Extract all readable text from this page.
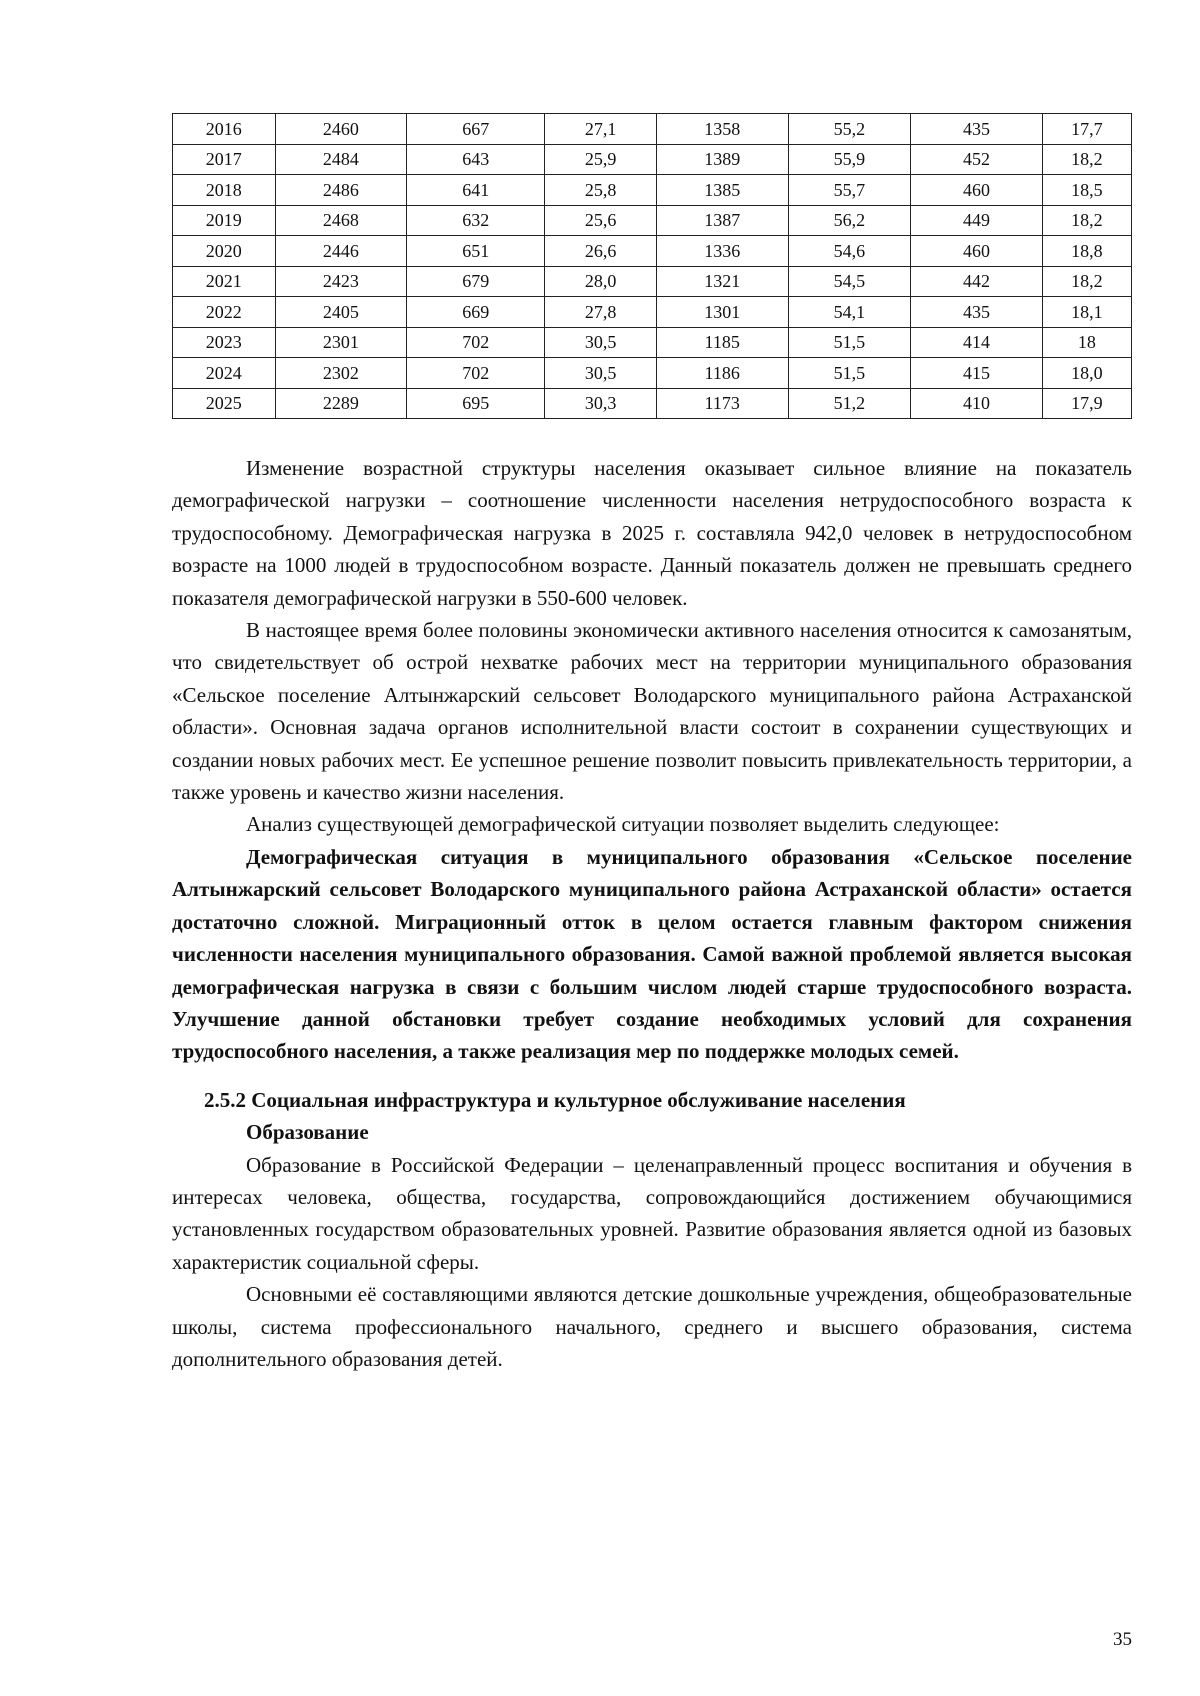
2016	2460	667	27,1	1358	55,2	435	17,7
2017	2484	643	25,9	1389	55,9	452	18,2
2018	2486	641	25,8	1385	55,7	460	18,5
2019	2468	632	25,6	1387	56,2	449	18,2
2020	2446	651	26,6	1336	54,6	460	18,8
2021	2423	679	28,0	1321	54,5	442	18,2
2022	2405	669	27,8	1301	54,1	435	18,1
2023	2301	702	30,5	1185	51,5	414	18
2024	2302	702	30,5	1186	51,5	415	18,0
2025	2289	695	30,3	1173	51,2	410	17,9

Изменение возрастной структуры населения оказывает сильное влияние на показатель демографической нагрузки – соотношение численности населения нетрудоспособного возраста к трудоспособному. Демографическая нагрузка в 2025 г. составляла 942,0 человек в нетрудоспособном возрасте на 1000 людей в трудоспособном возрасте. Данный показатель должен не превышать среднего показателя демографической нагрузки в 550-600 человек.

В настоящее время более половины экономически активного населения относится к самозанятым, что свидетельствует об острой нехватке рабочих мест на территории муниципального образования «Сельское поселение Алтынжарский сельсовет Володарского муниципального района Астраханской области». Основная задача органов исполнительной власти состоит в сохранении существующих и создании новых рабочих мест. Ее успешное решение позволит повысить привлекательность территории, а также уровень и качество жизни населения.

Анализ существующей демографической ситуации позволяет выделить следующее:

Демографическая ситуация в муниципального образования «Сельское поселение Алтынжарский сельсовет Володарского муниципального района Астраханской области» остается достаточно сложной. Миграционный отток в целом остается главным фактором снижения численности населения муниципального образования. Самой важной проблемой является высокая демографическая нагрузка в связи с большим числом людей старше трудоспособного возраста. Улучшение данной обстановки требует создание необходимых условий для сохранения трудоспособного населения, а также реализация мер по поддержке молодых семей.

2.5.2 Социальная инфраструктура и культурное обслуживание населения
Образование

Образование в Российской Федерации – целенаправленный процесс воспитания и обучения в интересах человека, общества, государства, сопровождающийся достижением обучающимися установленных государством образовательных уровней. Развитие образования является одной из базовых характеристик социальной сферы.

Основными её составляющими являются детские дошкольные учреждения, общеобразовательные школы, система профессионального начального, среднего и высшего образования, система дополнительного образования детей.

35
